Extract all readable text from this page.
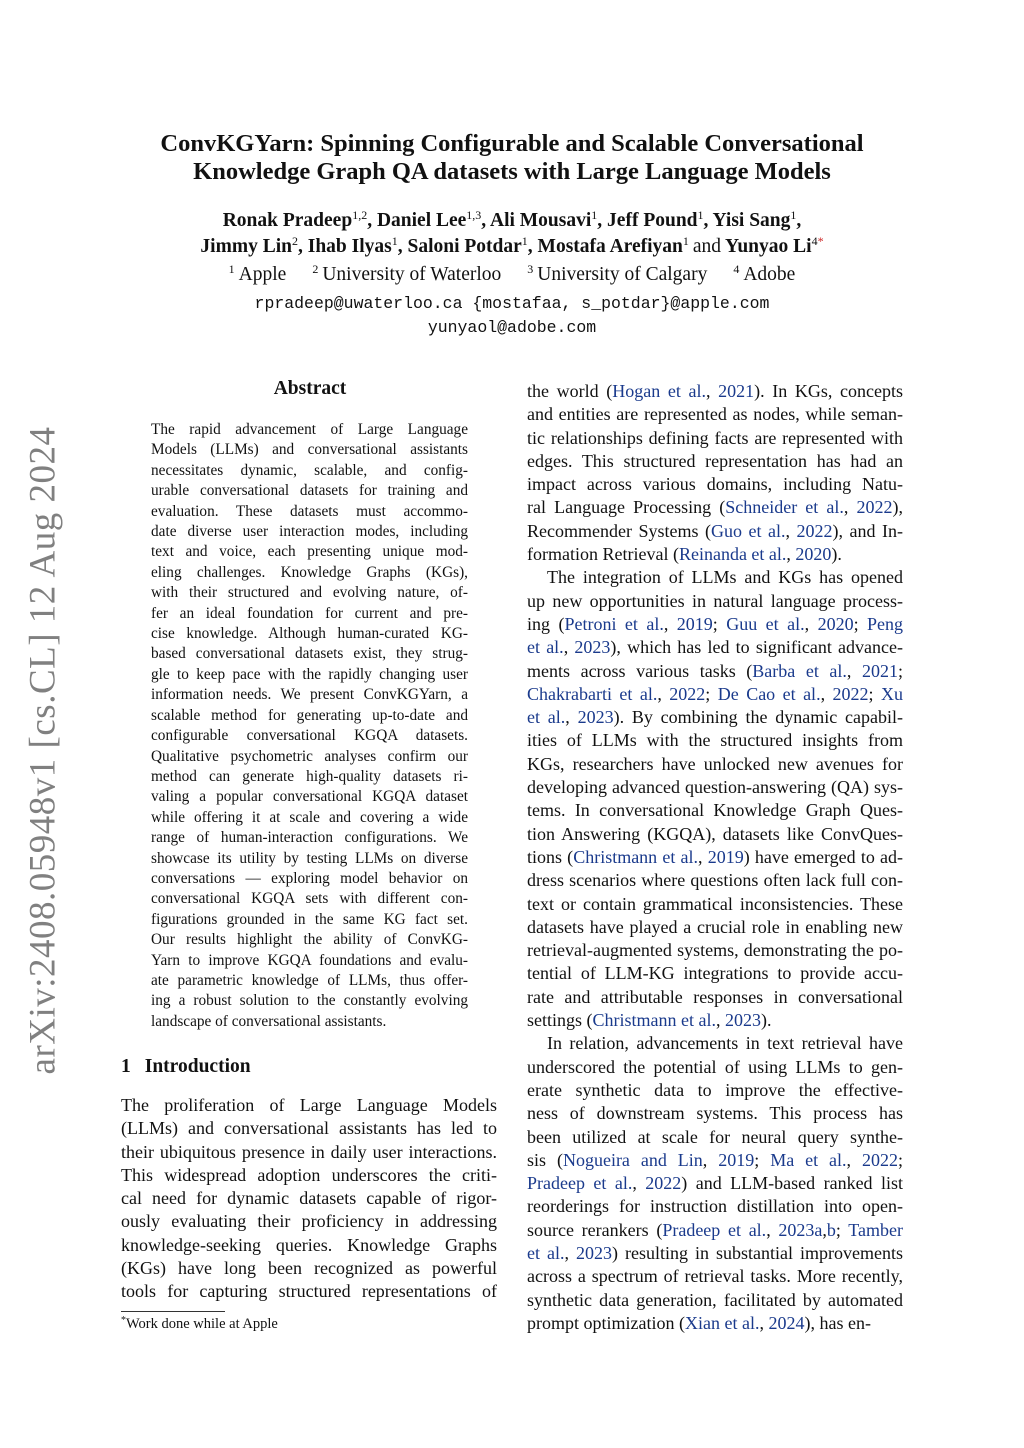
arXiv:2408.05948v1 [cs.CL] 12 Aug 2024
ConvKGYarn: Spinning Configurable and Scalable Conversational
Knowledge Graph QA datasets with Large Language Models
Ronak Pradeep$^{1,2}$, Daniel Lee$^{1,3}$, Ali Mousavi$^1$, Jeff Pound$^1$, Yisi Sang$^1$,
Jimmy Lin$^2$, Ihab Ilyas$^1$, Saloni Potdar$^1$, Mostafa Arefiyan$^1$ and Yunyao $Li^{4*}$
$^1$ Apple $^2$ University of Waterloo $^3$ University of Calgary $^4$ Adobe
rpradeep@uwaterloo.ca {mostafaa, s_potdar}@apple.com
yunyaol@adobe.com
Abstract
The rapid advancement of Large Language
Models (LLMs) and conversational assistants
necessitates dynamic, scalable, and config-
urable conversational datasets for training and
evaluation. These datasets must accommo-
date diverse user interaction modes, including
text and voice, each presenting unique mod-
eling challenges. Knowledge Graphs (KGs),
with their structured and evolving nature, of-
fer an ideal foundation for current and pre-
cise knowledge. Although human-curated KG-
based conversational datasets exist, they strug-
gle to keep pace with the rapidly changing user
information needs. We present ConvKGYarn, a
scalable method for generating up-to-date and
configurable conversational KGQA datasets.
Qualitative psychometric analyses confirm our
method can generate high-quality datasets ri-
valing a popular conversational KGQA dataset
while offering it at scale and covering a wide
range of human-interaction configurations. We
showcase its utility by testing LLMs on diverse
conversations — exploring model behavior on
conversational KGQA sets with different con-
figurations grounded in the same KG fact set.
Our results highlight the ability of ConvKG-
Yarn to improve KGQA foundations and evalu-
ate parametric knowledge of LLMs, thus offer-
ing a robust solution to the constantly evolving
landscape of conversational assistants.
1 Introduction
The proliferation of Large Language Models
(LLMs) and conversational assistants has led to
their ubiquitous presence in daily user interactions.
This widespread adoption underscores the criti-
cal need for dynamic datasets capable of rigor-
ously evaluating their proficiency in addressing
knowledge-seeking queries. Knowledge Graphs
(KGs) have long been recognized as powerful
tools for capturing structured representations of
*Work done while at Apple
the world (Hogan et al., 2021). In KGs, concepts
and entities are represented as nodes, while seman-
tic relationships defining facts are represented with
edges. This structured representation has had an
impact across various domains, including Natu-
ral Language Processing (Schneider et al., 2022),
Recommender Systems (Guo et al., 2022), and In-
formation Retrieval (Reinanda et al., 2020).
The integration of LLMs and KGs has opened
up new opportunities in natural language process-
ing (Petroni et al., 2019; Guu et al., 2020; Peng
et al., 2023), which has led to significant advance-
ments across various tasks (Barba et al., 2021;
Chakrabarti et al., 2022; De Cao et al., 2022; Xu
et al., 2023). By combining the dynamic capabil-
ities of LLMs with the structured insights from
KGs, researchers have unlocked new avenues for
developing advanced question-answering (QA) sys-
tems. In conversational Knowledge Graph Ques-
tion Answering (KGQA), datasets like ConvQues-
tions (Christmann et al., 2019) have emerged to ad-
dress scenarios where questions often lack full con-
text or contain grammatical inconsistencies. These
datasets have played a crucial role in enabling new
retrieval-augmented systems, demonstrating the po-
tential of LLM-KG integrations to provide accu-
rate and attributable responses in conversational
settings (Christmann et al., 2023).
In relation, advancements in text retrieval have
underscored the potential of using LLMs to gen-
erate synthetic data to improve the effective-
ness of downstream systems. This process has
been utilized at scale for neural query synthe-
sis (Nogueira and Lin, 2019; Ma et al., 2022;
Pradeep et al., 2022) and LLM-based ranked list
reorderings for instruction distillation into open-
source rerankers (Pradeep et al., 2023a,b; Tamber
et al., 2023) resulting in substantial improvements
across a spectrum of retrieval tasks. More recently,
synthetic data generation, facilitated by automated
prompt optimization (Xian et al., 2024), has en-
